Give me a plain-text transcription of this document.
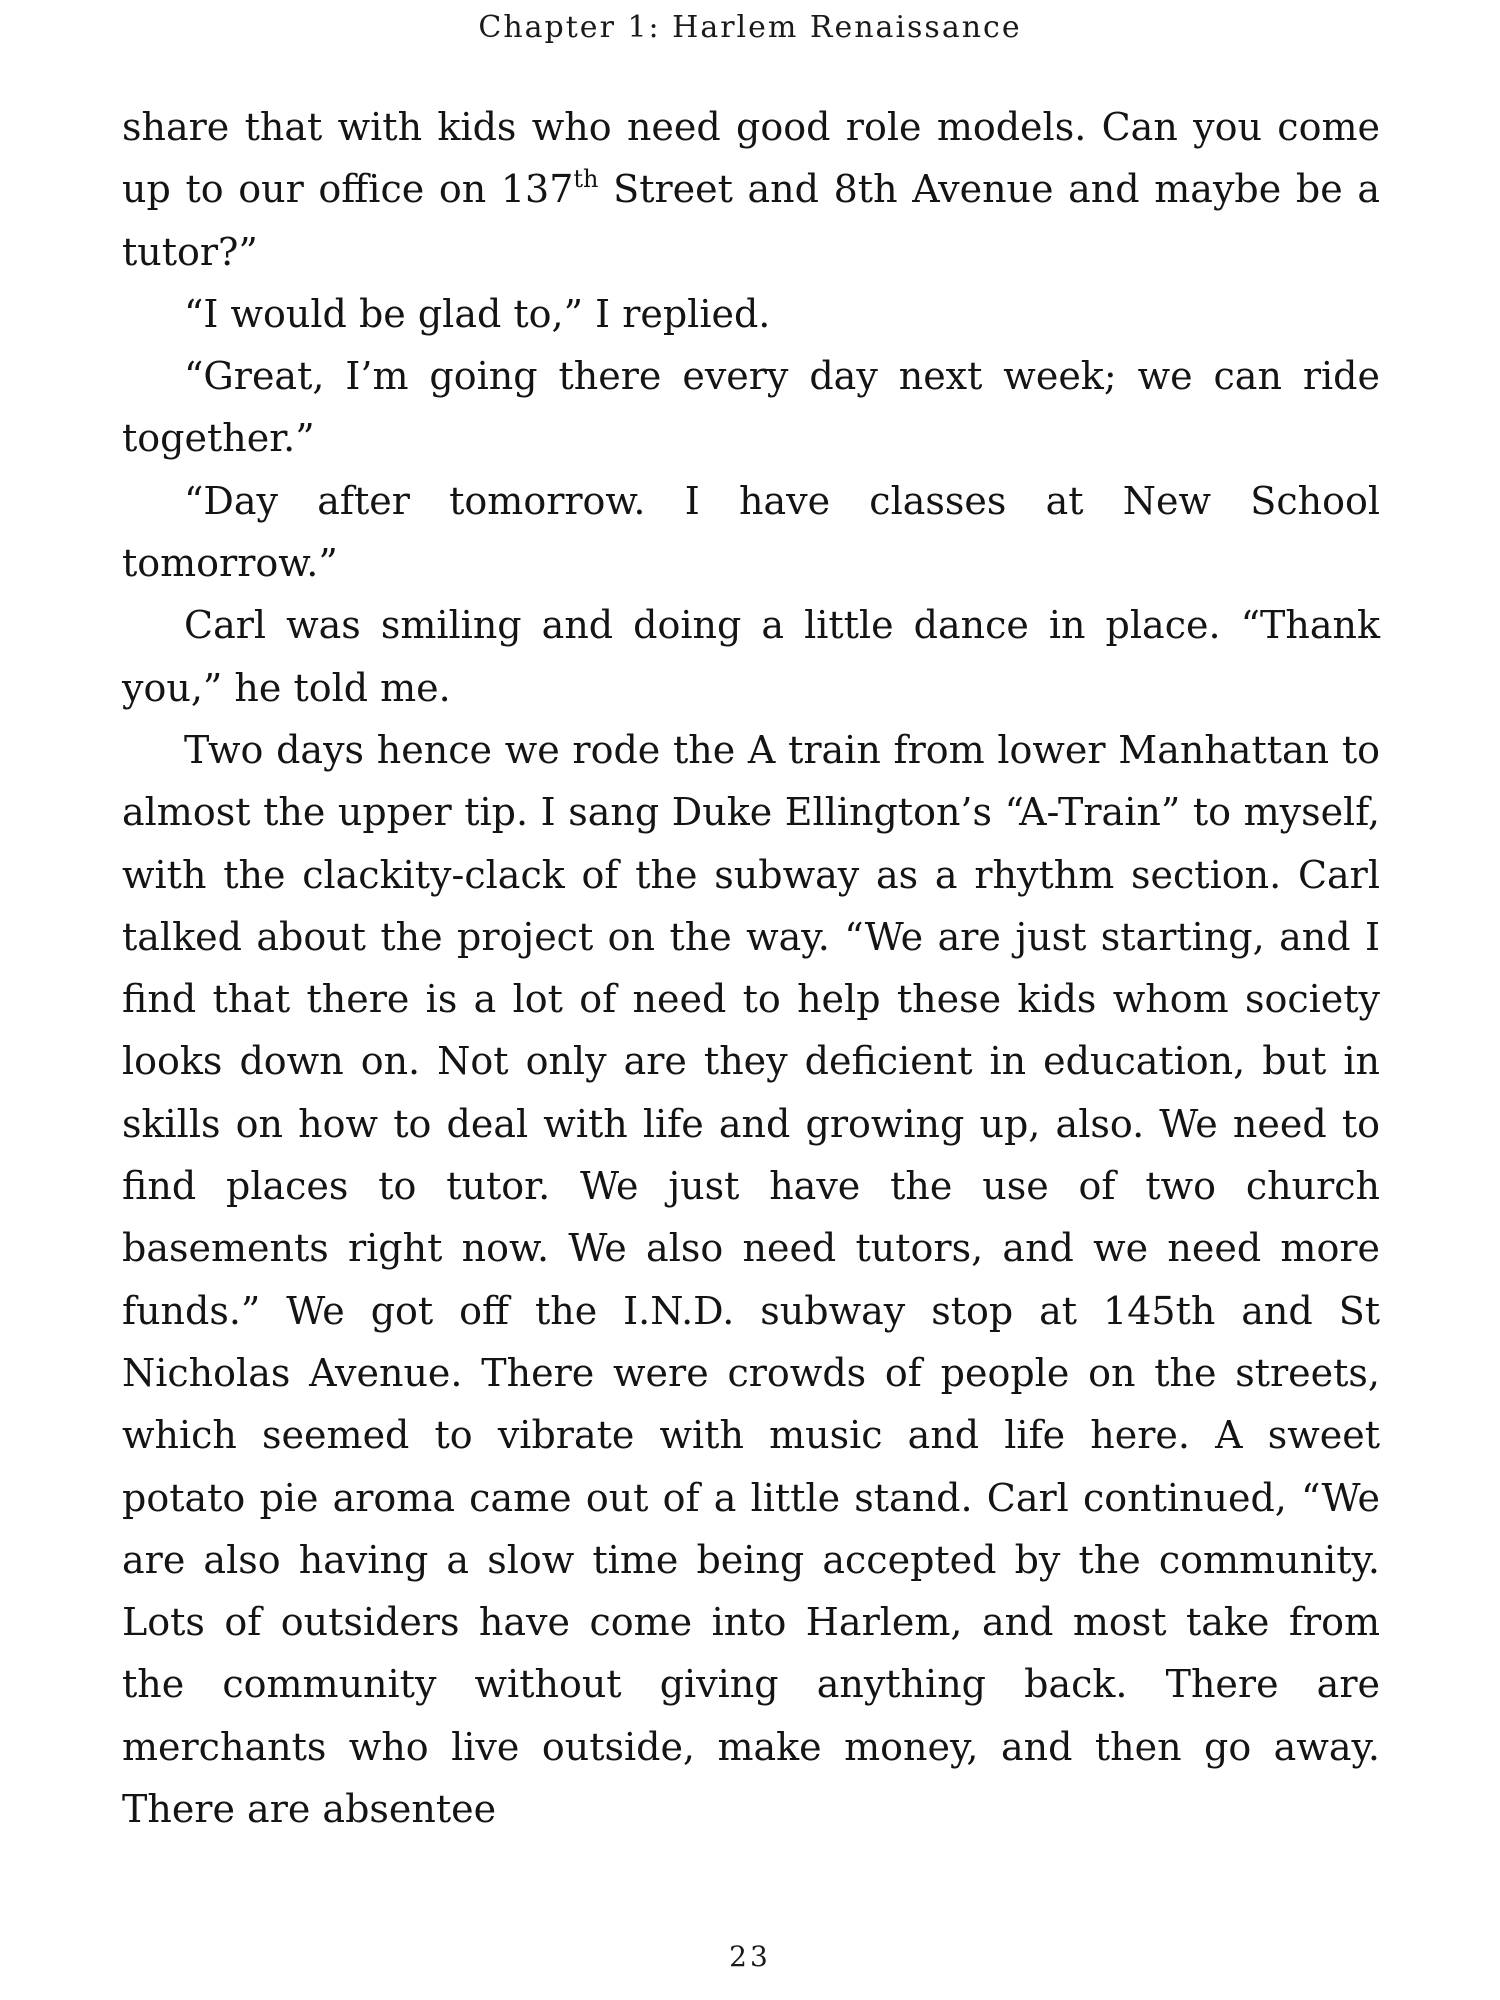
Chapter 1: Harlem Renaissance

share that with kids who need good role models. Can you come up to our office on 137th Street and 8th Avenue and maybe be a tutor?”

“I would be glad to,” I replied.

“Great, I’m going there every day next week; we can ride together.”

“Day after tomorrow. I have classes at New School tomorrow.”

Carl was smiling and doing a little dance in place. “Thank you,” he told me.

Two days hence we rode the A train from lower Manhattan to almost the upper tip. I sang Duke Ellington’s “A-Train” to myself, with the clackity-clack of the subway as a rhythm section. Carl talked about the project on the way. “We are just starting, and I find that there is a lot of need to help these kids whom society looks down on. Not only are they deficient in education, but in skills on how to deal with life and growing up, also. We need to find places to tutor. We just have the use of two church basements right now. We also need tutors, and we need more funds.” We got off the I.N.D. subway stop at 145th and St Nicholas Avenue. There were crowds of people on the streets, which seemed to vibrate with music and life here. A sweet potato pie aroma came out of a little stand. Carl continued, “We are also having a slow time being accepted by the community. Lots of outsiders have come into Harlem, and most take from the community without giving anything back. There are merchants who live outside, make money, and then go away. There are absentee

23
